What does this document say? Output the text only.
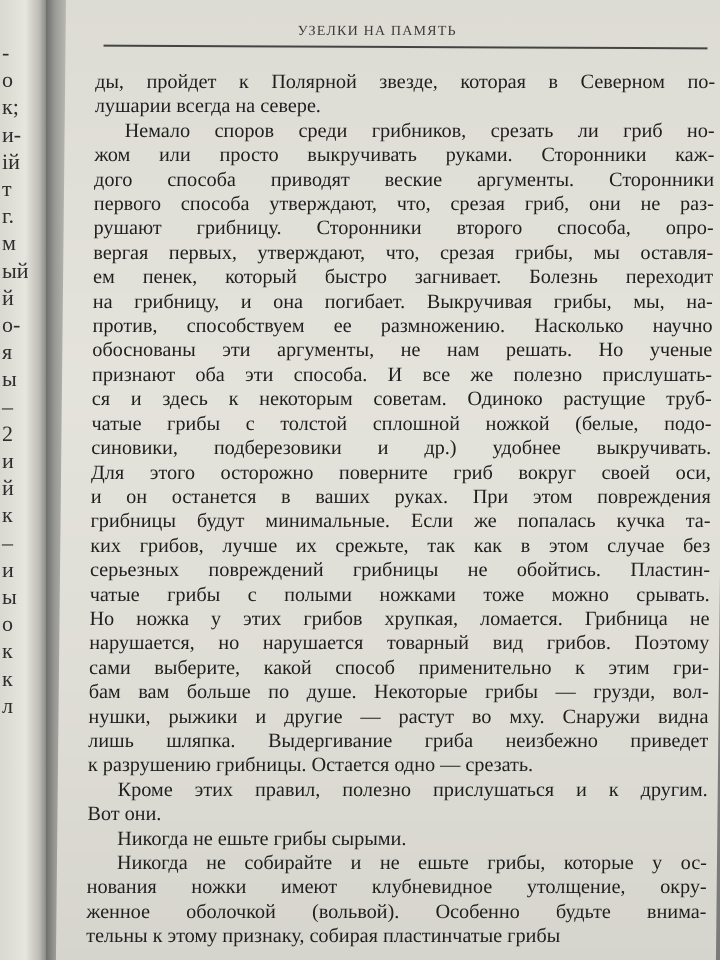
-
о
к;
и-
ій
т
г.
м
ый
й
о-
я
ы
–
2
и
й
к
–
и
ы
о
к
к
л
УЗЕЛКИ НА ПАМЯТЬ

ды, пройдет к Полярной звезде, которая в Северном по-
лушарии всегда на севере.

Немало споров среди грибников, срезать ли гриб но-
жом или просто выкручивать руками. Сторонники каж-
дого способа приводят веские аргументы. Сторонники
первого способа утверждают, что, срезая гриб, они не раз-
рушают грибницу. Сторонники второго способа, опро-
вергая первых, утверждают, что, срезая грибы, мы оставля-
ем пенек, который быстро загнивает. Болезнь переходит
на грибницу, и она погибает. Выкручивая грибы, мы, на-
против, способствуем ее размножению. Насколько научно
обоснованы эти аргументы, не нам решать. Но ученые
признают оба эти способа. И все же полезно прислушать-
ся и здесь к некоторым советам. Одиноко растущие труб-
чатые грибы с толстой сплошной ножкой (белые, подо-
синовики, подберезовики и др.) удобнее выкручивать.
Для этого осторожно поверните гриб вокруг своей оси,
и он останется в ваших руках. При этом повреждения
грибницы будут минимальные. Если же попалась кучка та-
ких грибов, лучше их срежьте, так как в этом случае без
серьезных повреждений грибницы не обойтись. Пластин-
чатые грибы с полыми ножками тоже можно срывать.
Но ножка у этих грибов хрупкая, ломается. Грибница не
нарушается, но нарушается товарный вид грибов. Поэтому
сами выберите, какой способ применительно к этим гри-
бам вам больше по душе. Некоторые грибы — грузди, вол-
нушки, рыжики и другие — растут во мху. Снаружи видна
лишь шляпка. Выдергивание гриба неизбежно приведет
к разрушению грибницы. Остается одно — срезать.

Кроме этих правил, полезно прислушаться и к другим.
Вот они.

Никогда не ешьте грибы сырыми.

Никогда не собирайте и не ешьте грибы, которые у ос-
нования ножки имеют клубневидное утолщение, окру-
женное оболочкой (вольвой). Особенно будьте внима-
тельны к этому признаку, собирая пластинчатые грибы
